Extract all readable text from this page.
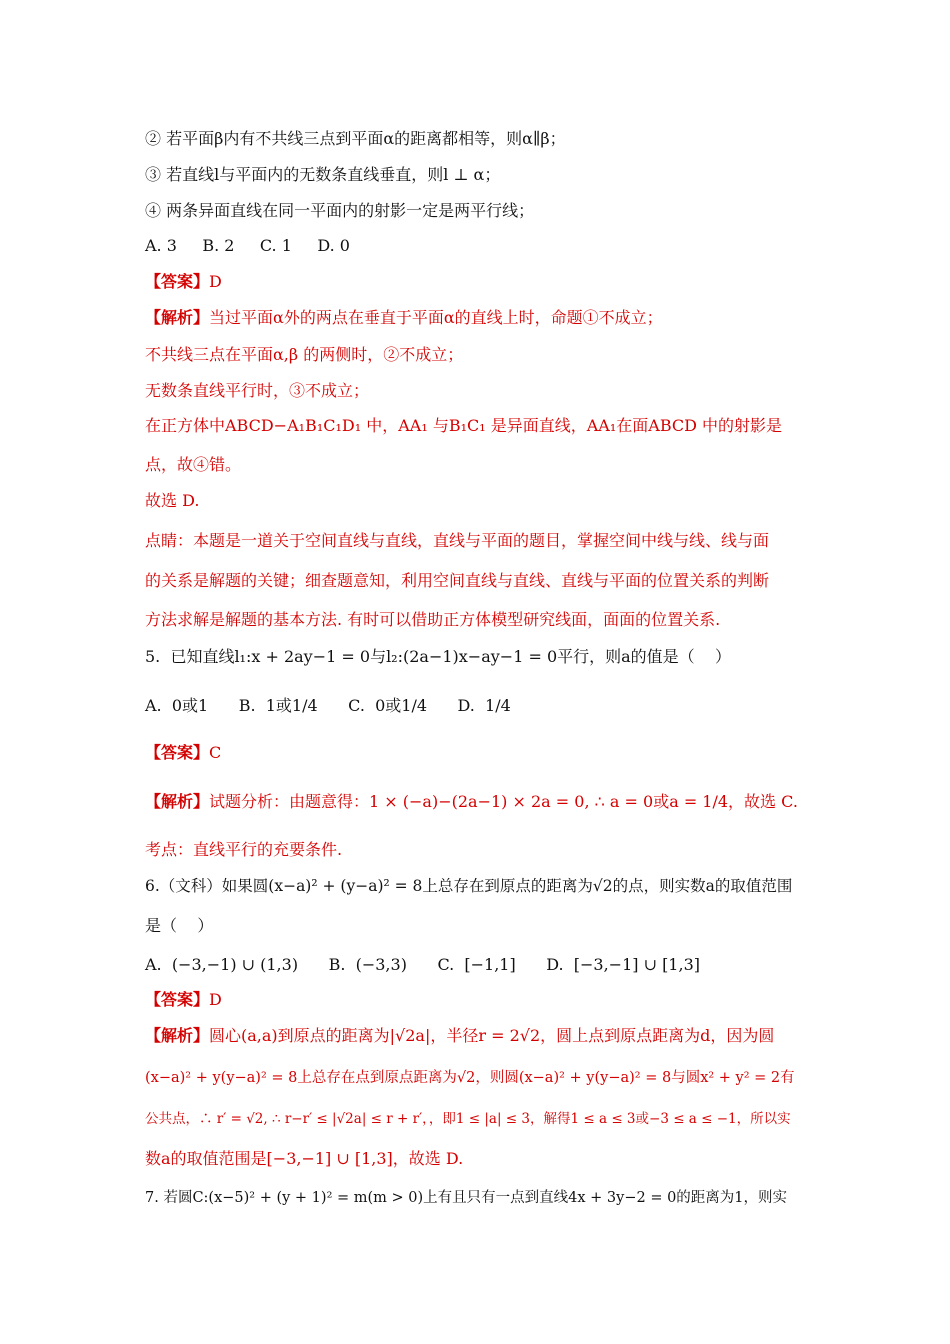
② 若平面β内有不共线三点到平面α的距离都相等，则α∥β；
③ 若直线l与平面内的无数条直线垂直，则l ⊥ α；
④ 两条异面直线在同一平面内的射影一定是两平行线；
A. 3     B. 2     C. 1     D. 0
【答案】D
【解析】当过平面α外的两点在垂直于平面α的直线上时，命题①不成立；
不共线三点在平面α,β 的两侧时，②不成立；
无数条直线平行时，③不成立；
在正方体中ABCD−A₁B₁C₁D₁ 中，AA₁ 与B₁C₁ 是异面直线，AA₁在面ABCD 中的射影是
点，故④错。
故选 D.
点睛：本题是一道关于空间直线与直线，直线与平面的题目，掌握空间中线与线、线与面
的关系是解题的关键；细查题意知，利用空间直线与直线、直线与平面的位置关系的判断
方法求解是解题的基本方法. 有时可以借助正方体模型研究线面，面面的位置关系.
5.  已知直线l₁:x + 2ay−1 = 0与l₂:(2a−1)x−ay−1 = 0平行，则a的值是（    ）
A.  0或1      B.  1或1/4      C.  0或1/4      D.  1/4
【答案】C
【解析】试题分析：由题意得：1 × (−a)−(2a−1) × 2a = 0, ∴ a = 0或a = 1/4，故选 C.
考点：直线平行的充要条件.
6.（文科）如果圆(x−a)² + (y−a)² = 8上总存在到原点的距离为√2的点，则实数a的取值范围
是（    ）
A.  (−3,−1) ∪ (1,3)      B.  (−3,3)      C.  [−1,1]      D.  [−3,−1] ∪ [1,3]
【答案】D
【解析】圆心(a,a)到原点的距离为|√2a|，半径r = 2√2，圆上点到原点距离为d，因为圆
(x−a)² + y(y−a)² = 8上总存在点到原点距离为√2，则圆(x−a)² + y(y−a)² = 8与圆x² + y² = 2有
公共点，∴ r′ = √2, ∴ r−r′ ≤ |√2a| ≤ r + r′，，即1 ≤ |a| ≤ 3，解得1 ≤ a ≤ 3或−3 ≤ a ≤ −1，所以实
数a的取值范围是[−3,−1] ∪ [1,3]，故选 D.
7. 若圆C:(x−5)² + (y + 1)² = m(m > 0)上有且只有一点到直线4x + 3y−2 = 0的距离为1，则实
